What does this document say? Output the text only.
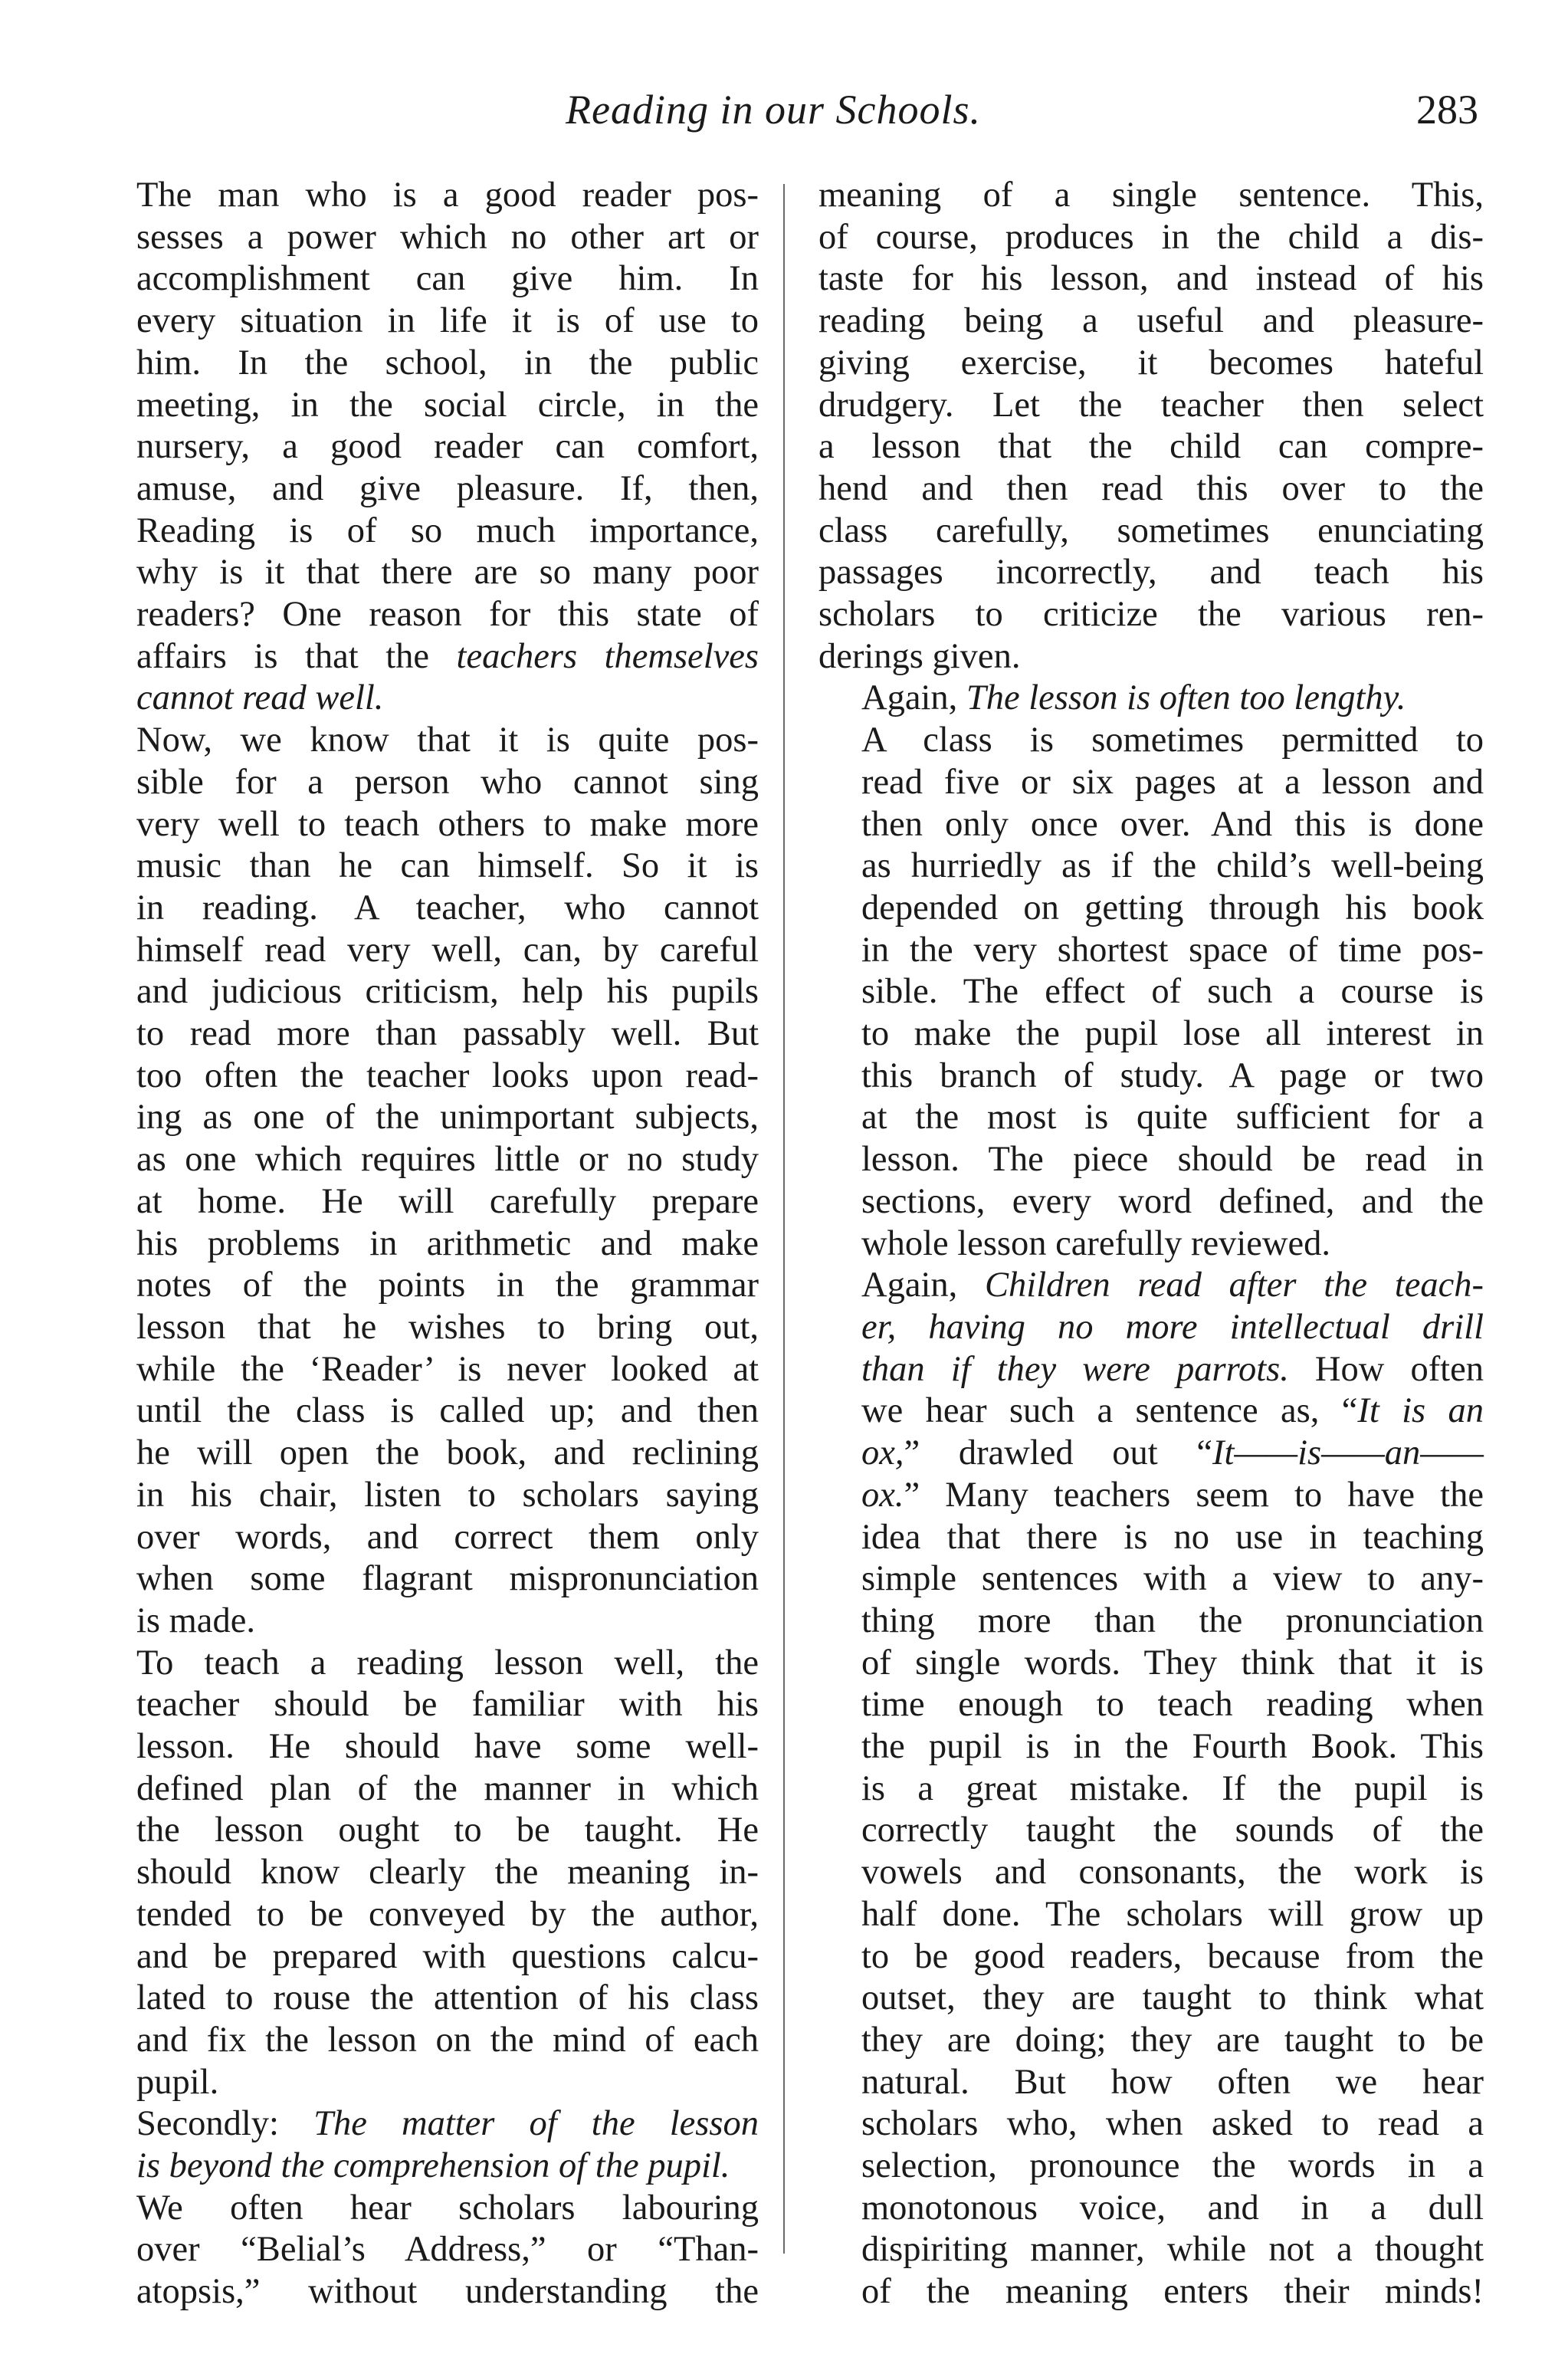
Reading in our Schools.	283

The man who is a good reader pos-
sesses a power which no other art or
accomplishment can give him. In
every situation in life it is of use to
him. In the school, in the public
meeting, in the social circle, in the
nursery, a good reader can comfort,
amuse, and give pleasure. If, then,
Reading is of so much importance,
why is it that there are so many poor
readers? One reason for this state of
affairs is that the teachers themselves
cannot read well.

Now, we know that it is quite pos-
sible for a person who cannot sing
very well to teach others to make more
music than he can himself. So it is
in reading. A teacher, who cannot
himself read very well, can, by careful
and judicious criticism, help his pupils
to read more than passably well. But
too often the teacher looks upon read-
ing as one of the unimportant subjects,
as one which requires little or no study
at home. He will carefully prepare
his problems in arithmetic and make
notes of the points in the grammar
lesson that he wishes to bring out,
while the ‘Reader’ is never looked at
until the class is called up; and then
he will open the book, and reclining
in his chair, listen to scholars saying
over words, and correct them only
when some flagrant mispronunciation
is made.

To teach a reading lesson well, the
teacher should be familiar with his
lesson. He should have some well-
defined plan of the manner in which
the lesson ought to be taught. He
should know clearly the meaning in-
tended to be conveyed by the author,
and be prepared with questions calcu-
lated to rouse the attention of his class
and fix the lesson on the mind of each
pupil.

Secondly: The matter of the lesson
is beyond the comprehension of the pupil.

We often hear scholars labouring
over “Belial’s Address,” or “Than-
atopsis,” without understanding the

meaning of a single sentence. This,
of course, produces in the child a dis-
taste for his lesson, and instead of his
reading being a useful and pleasure-
giving exercise, it becomes hateful
drudgery. Let the teacher then select
a lesson that the child can compre-
hend and then read this over to the
class carefully, sometimes enunciating
passages incorrectly, and teach his
scholars to criticize the various ren-
derings given.

Again, The lesson is often too lengthy.

A class is sometimes permitted to
read five or six pages at a lesson and
then only once over. And this is done
as hurriedly as if the child’s well-being
depended on getting through his book
in the very shortest space of time pos-
sible. The effect of such a course is
to make the pupil lose all interest in
this branch of study. A page or two
at the most is quite sufficient for a
lesson. The piece should be read in
sections, every word defined, and the
whole lesson carefully reviewed.

Again, Children read after the teach-
er, having no more intellectual drill
than if they were parrots. How often
we hear such a sentence as, “It is an
ox,” drawled out “It——is——an——
ox.” Many teachers seem to have the
idea that there is no use in teaching
simple sentences with a view to any-
thing more than the pronunciation
of single words. They think that it is
time enough to teach reading when
the pupil is in the Fourth Book. This
is a great mistake. If the pupil is
correctly taught the sounds of the
vowels and consonants, the work is
half done. The scholars will grow up
to be good readers, because from the
outset, they are taught to think what
they are doing; they are taught to be
natural. But how often we hear
scholars who, when asked to read a
selection, pronounce the words in a
monotonous voice, and in a dull
dispiriting manner, while not a thought
of the meaning enters their minds!
